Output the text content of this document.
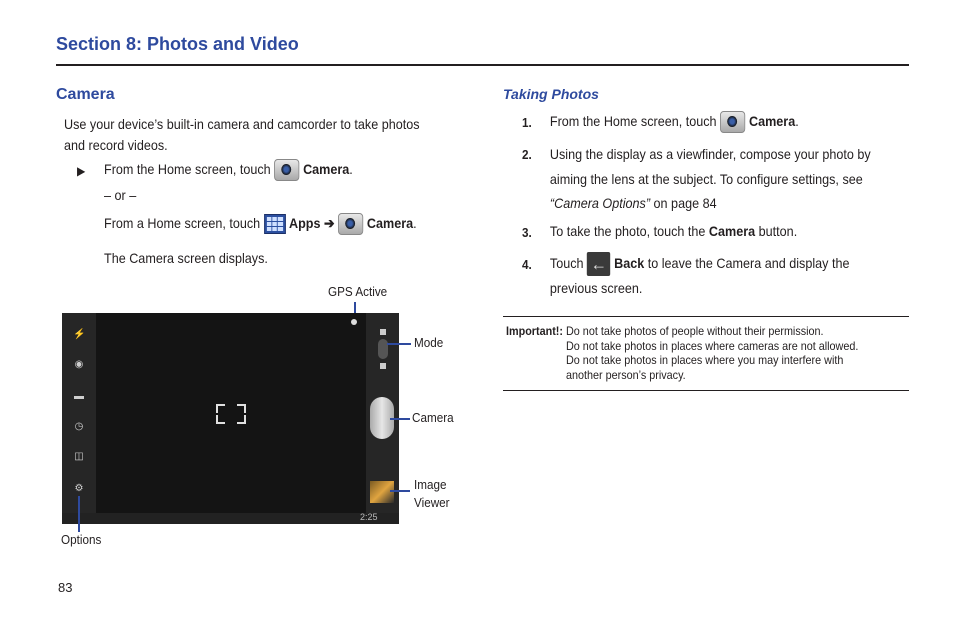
Section 8: Photos and Video
Camera
Use your device’s built-in camera and camcorder to take photos
and record videos.
▶ From the Home screen, touch Camera.
– or –
From a Home screen, touch Apps ➔ Camera.
The Camera screen displays.
GPS Active
⚡
◉
▬
◷
◫
⚙
2:25
Mode
Camera
Image
Viewer
Options
Taking Photos
1. From the Home screen, touch Camera.
2. Using the display as a viewfinder, compose your photo by
aiming the lens at the subject. To configure settings, see
“Camera Options” on page 84
3. To take the photo, touch the Camera button.
4. Touch ← Back to leave the Camera and display the
previous screen.
Important!: Do not take photos of people without their permission.
Do not take photos in places where cameras are not allowed.
Do not take photos in places where you may interfere with
another person’s privacy.
83
